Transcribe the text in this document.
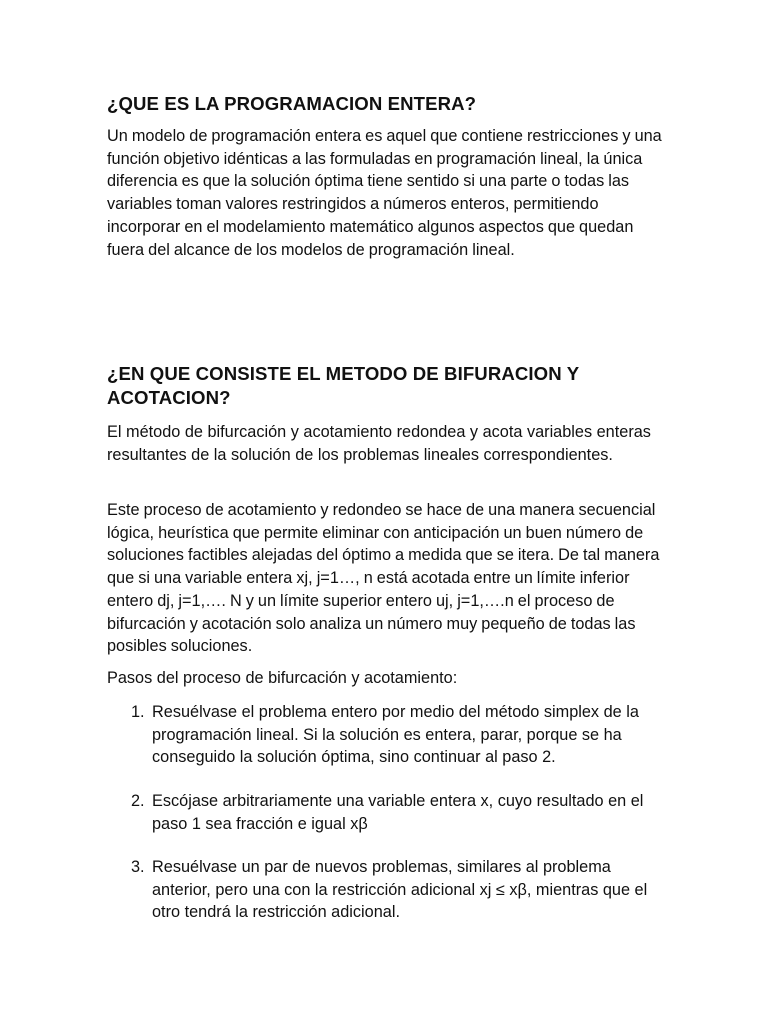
¿QUE ES LA PROGRAMACION ENTERA?
Un modelo de programación entera es aquel que contiene restricciones y una función objetivo idénticas a las formuladas en programación lineal, la única diferencia es que la solución óptima tiene sentido si una parte o todas las variables toman valores restringidos a números enteros, permitiendo incorporar en el modelamiento matemático algunos aspectos que quedan fuera del alcance de los modelos de programación lineal.
¿EN QUE CONSISTE EL METODO DE BIFURACION Y ACOTACION?
El método de bifurcación y acotamiento redondea y acota variables enteras resultantes de la solución de los problemas lineales correspondientes.
Este proceso de acotamiento y redondeo se hace de una manera secuencial lógica, heurística que permite eliminar con anticipación un buen número de soluciones factibles alejadas del óptimo a medida que se itera. De tal manera que si una variable entera xj, j=1…, n está acotada entre un límite inferior entero dj, j=1,…. N y un límite superior entero uj, j=1,….n el proceso de bifurcación y acotación solo analiza un número muy pequeño de todas las posibles soluciones.
Pasos del proceso de bifurcación y acotamiento:
1. Resuélvase el problema entero por medio del método simplex de la programación lineal. Si la solución es entera, parar, porque se ha conseguido la solución óptima, sino continuar al paso 2.
2. Escójase arbitrariamente una variable entera x, cuyo resultado en el paso 1 sea fracción e igual xβ
3. Resuélvase un par de nuevos problemas, similares al problema anterior, pero una con la restricción adicional xj ≤ xβ, mientras que el otro tendrá la restricción adicional.
